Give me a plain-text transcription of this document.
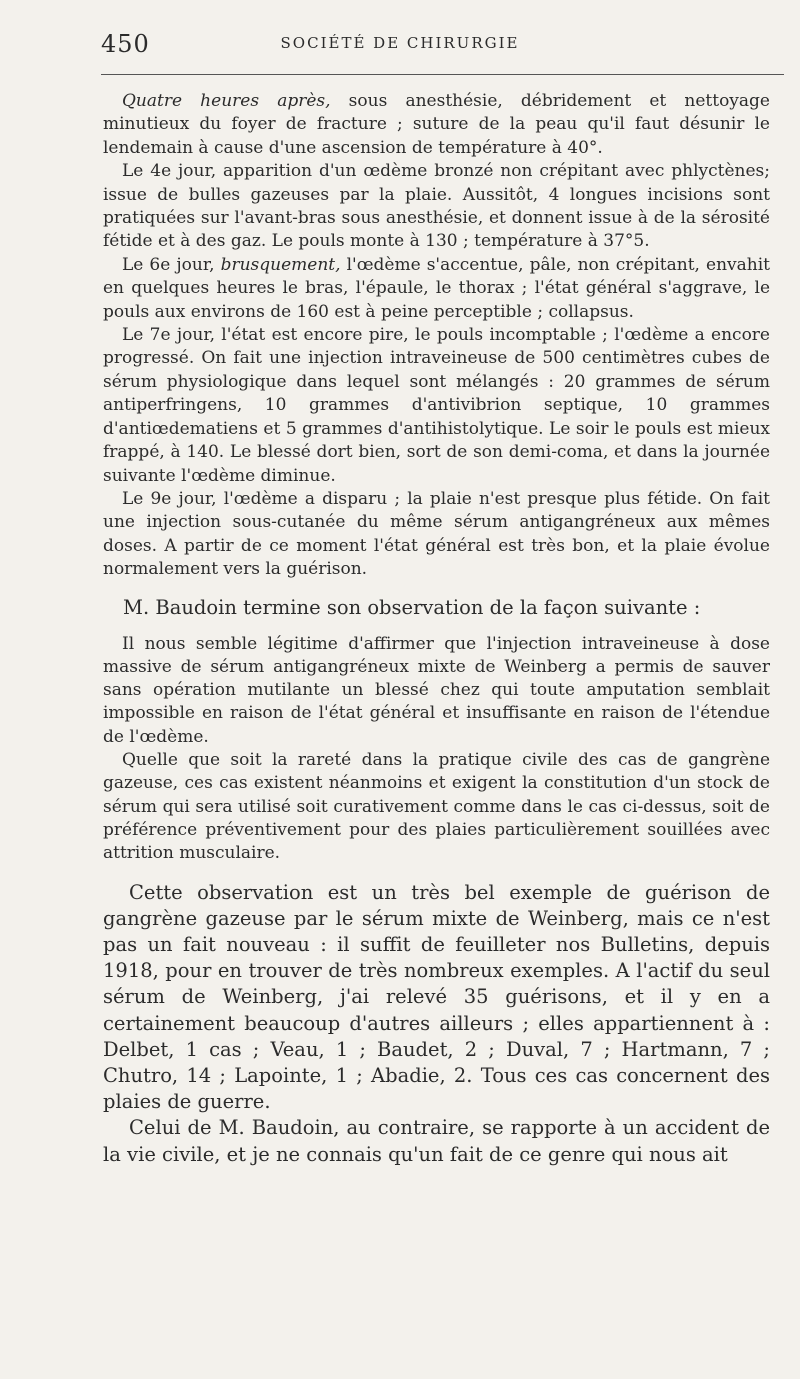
450	SOCIÉTÉ DE CHIRURGIE

Quatre heures après, sous anesthésie, débridement et nettoyage minutieux du foyer de fracture ; suture de la peau qu'il faut désunir le lendemain à cause d'une ascension de température à 40°.

Le 4e jour, apparition d'un œdème bronzé non crépitant avec phlyctènes; issue de bulles gazeuses par la plaie. Aussitôt, 4 longues incisions sont pratiquées sur l'avant-bras sous anesthésie, et donnent issue à de la sérosité fétide et à des gaz. Le pouls monte à 130 ; température à 37°5.

Le 6e jour, brusquement, l'œdème s'accentue, pâle, non crépitant, envahit en quelques heures le bras, l'épaule, le thorax ; l'état général s'aggrave, le pouls aux environs de 160 est à peine perceptible ; collapsus.

Le 7e jour, l'état est encore pire, le pouls incomptable ; l'œdème a encore progressé. On fait une injection intraveineuse de 500 centimètres cubes de sérum physiologique dans lequel sont mélangés : 20 grammes de sérum antiperfringens, 10 grammes d'antivibrion septique, 10 grammes d'antiœdematiens et 5 grammes d'antihistolytique. Le soir le pouls est mieux frappé, à 140. Le blessé dort bien, sort de son demi-coma, et dans la journée suivante l'œdème diminue.

Le 9e jour, l'œdème a disparu ; la plaie n'est presque plus fétide. On fait une injection sous-cutanée du même sérum antigangréneux aux mêmes doses. A partir de ce moment l'état général est très bon, et la plaie évolue normalement vers la guérison.

M. Baudoin termine son observation de la façon suivante :

Il nous semble légitime d'affirmer que l'injection intraveineuse à dose massive de sérum antigangréneux mixte de Weinberg a permis de sauver sans opération mutilante un blessé chez qui toute amputation semblait impossible en raison de l'état général et insuffisante en raison de l'étendue de l'œdème.

Quelle que soit la rareté dans la pratique civile des cas de gangrène gazeuse, ces cas existent néanmoins et exigent la constitution d'un stock de sérum qui sera utilisé soit curativement comme dans le cas ci-dessus, soit de préférence préventivement pour des plaies particulièrement souillées avec attrition musculaire.

Cette observation est un très bel exemple de guérison de gangrène gazeuse par le sérum mixte de Weinberg, mais ce n'est pas un fait nouveau : il suffit de feuilleter nos Bulletins, depuis 1918, pour en trouver de très nombreux exemples. A l'actif du seul sérum de Weinberg, j'ai relevé 35 guérisons, et il y en a certainement beaucoup d'autres ailleurs ; elles appartiennent à : Delbet, 1 cas ; Veau, 1 ; Baudet, 2 ; Duval, 7 ; Hartmann, 7 ; Chutro, 14 ; Lapointe, 1 ; Abadie, 2. Tous ces cas concernent des plaies de guerre.

Celui de M. Baudoin, au contraire, se rapporte à un accident de la vie civile, et je ne connais qu'un fait de ce genre qui nous ait
